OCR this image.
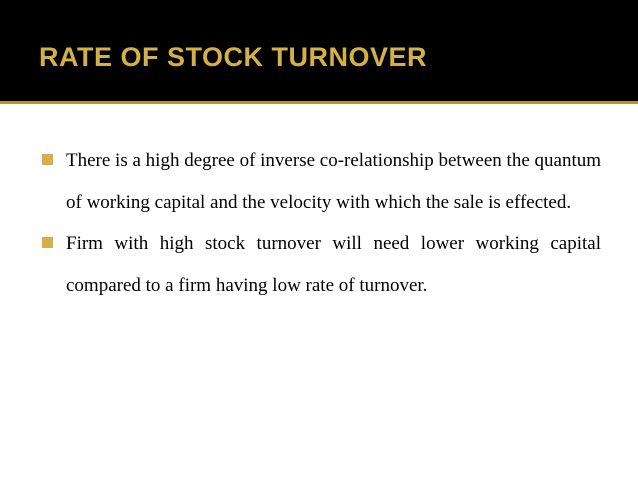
RATE OF STOCK TURNOVER
There is a high degree of inverse co-relationship between the quantum of working capital and the velocity with which the sale is effected.
Firm with high stock turnover will need lower working capital compared to a firm having low rate of turnover.
